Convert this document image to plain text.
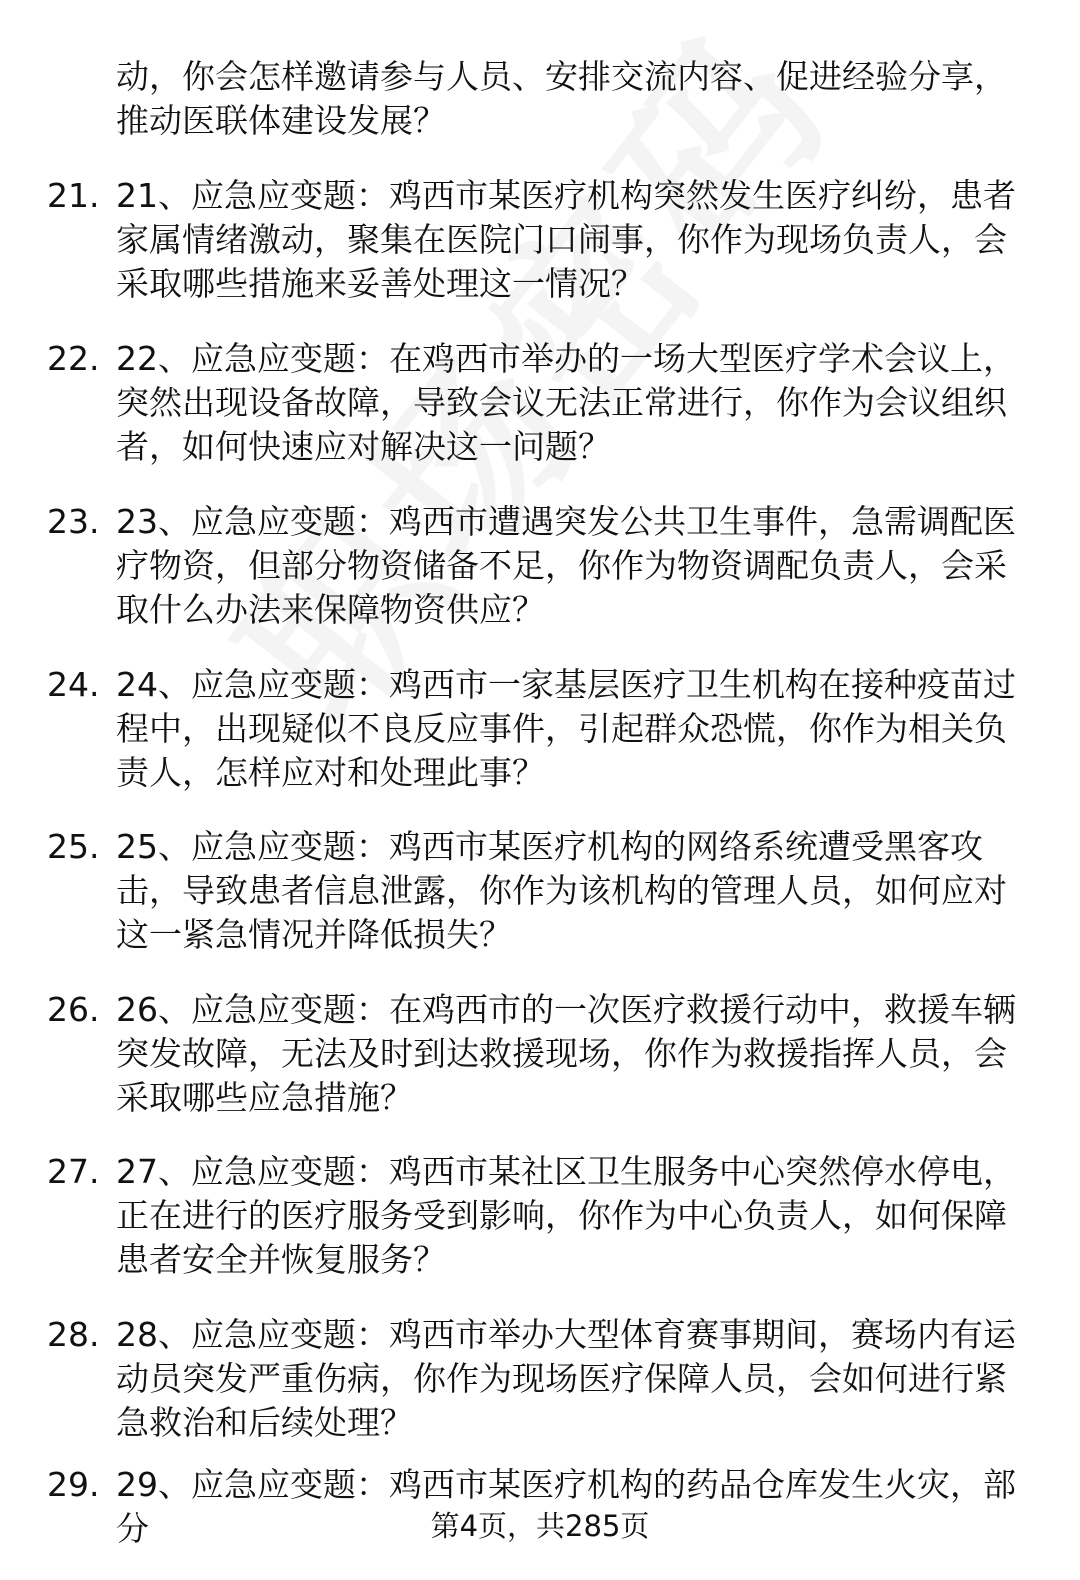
动，你会怎样邀请参与人员、安排交流内容、促进经验分享，推动医联体建设发展？
21. 21、应急应变题：鸡西市某医疗机构突然发生医疗纠纷，患者家属情绪激动，聚集在医院门口闹事，你作为现场负责人，会采取哪些措施来妥善处理这一情况？
22. 22、应急应变题：在鸡西市举办的一场大型医疗学术会议上，突然出现设备故障，导致会议无法正常进行，你作为会议组织者，如何快速应对解决这一问题？
23. 23、应急应变题：鸡西市遭遇突发公共卫生事件，急需调配医疗物资，但部分物资储备不足，你作为物资调配负责人，会采取什么办法来保障物资供应？
24. 24、应急应变题：鸡西市一家基层医疗卫生机构在接种疫苗过程中，出现疑似不良反应事件，引起群众恐慌，你作为相关负责人，怎样应对和处理此事？
25. 25、应急应变题：鸡西市某医疗机构的网络系统遭受黑客攻击，导致患者信息泄露，你作为该机构的管理人员，如何应对这一紧急情况并降低损失？
26. 26、应急应变题：在鸡西市的一次医疗救援行动中，救援车辆突发故障，无法及时到达救援现场，你作为救援指挥人员，会采取哪些应急措施？
27. 27、应急应变题：鸡西市某社区卫生服务中心突然停水停电，正在进行的医疗服务受到影响，你作为中心负责人，如何保障患者安全并恢复服务？
28. 28、应急应变题：鸡西市举办大型体育赛事期间，赛场内有运动员突发严重伤病，你作为现场医疗保障人员，会如何进行紧急救治和后续处理？
29. 29、应急应变题：鸡西市某医疗机构的药品仓库发生火灾，部分	第4页，共285页
